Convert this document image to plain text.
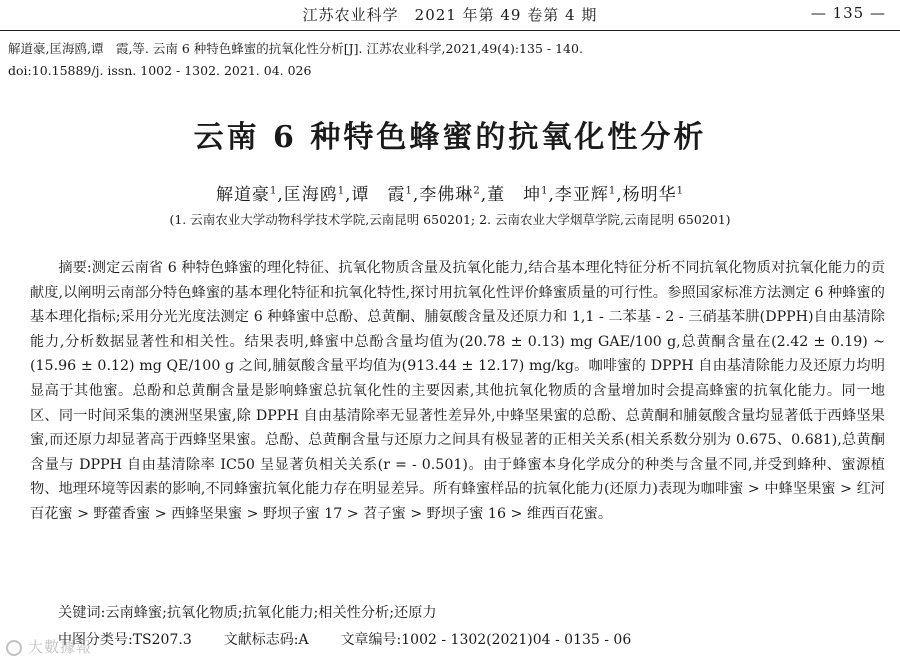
江苏农业科学　2021 年第 49 卷第 4 期	— 135 —
解道豪,匡海鸥,谭　霞,等. 云南 6 种特色蜂蜜的抗氧化性分析[J]. 江苏农业科学,2021,49(4):135 - 140.
doi:10.15889/j. issn. 1002 - 1302. 2021. 04. 026
云南 6 种特色蜂蜜的抗氧化性分析
解道豪$^1$,匡海鸥$^1$,谭　霞$^1$,李佛琳$^2$,董　坤$^1$,李亚辉$^1$,杨明华$^1$
(1. 云南农业大学动物科学技术学院,云南昆明 650201; 2. 云南农业大学烟草学院,云南昆明 650201)
摘要:测定云南省 6 种特色蜂蜜的理化特征、抗氧化物质含量及抗氧化能力,结合基本理化特征分析不同抗氧化物质对抗氧化能力的贡献度,以阐明云南部分特色蜂蜜的基本理化特征和抗氧化特性,探讨用抗氧化性评价蜂蜜质量的可行性。参照国家标准方法测定 6 种蜂蜜的基本理化指标;采用分光光度法测定 6 种蜂蜜中总酚、总黄酮、脯氨酸含量及还原力和 1,1 - 二苯基 - 2 - 三硝基苯肼(DPPH)自由基清除能力,分析数据显著性和相关性。结果表明,蜂蜜中总酚含量均值为(20.78 ± 0.13) mg GAE/100 g,总黄酮含量在(2.42 ± 0.19) ~ (15.96 ± 0.12) mg QE/100 g 之间,脯氨酸含量平均值为(913.44 ± 12.17) mg/kg。咖啡蜜的 DPPH 自由基清除能力及还原力均明显高于其他蜜。总酚和总黄酮含量是影响蜂蜜总抗氧化性的主要因素,其他抗氧化物质的含量增加时会提高蜂蜜的抗氧化能力。同一地区、同一时间采集的澳洲坚果蜜,除 DPPH 自由基清除率无显著性差异外,中蜂坚果蜜的总酚、总黄酮和脯氨酸含量均显著低于西蜂坚果蜜,而还原力却显著高于西蜂坚果蜜。总酚、总黄酮含量与还原力之间具有极显著的正相关关系(相关系数分别为 0.675、0.681),总黄酮含量与 DPPH 自由基清除率 IC50 呈显著负相关关系(r = - 0.501)。由于蜂蜜本身化学成分的种类与含量不同,并受到蜂种、蜜源植物、地理环境等因素的影响,不同蜂蜜抗氧化能力存在明显差异。所有蜂蜜样品的抗氧化能力(还原力)表现为咖啡蜜 > 中蜂坚果蜜 > 红河百花蜜 > 野藿香蜜 > 西蜂坚果蜜 > 野坝子蜜 17 > 苕子蜜 > 野坝子蜜 16 > 维西百花蜜。
关键词:云南蜂蜜;抗氧化物质;抗氧化能力;相关性分析;还原力
中图分类号:TS207.3 文献标志码:A 文章编号:1002 - 1302(2021)04 - 0135 - 06
大數據報
